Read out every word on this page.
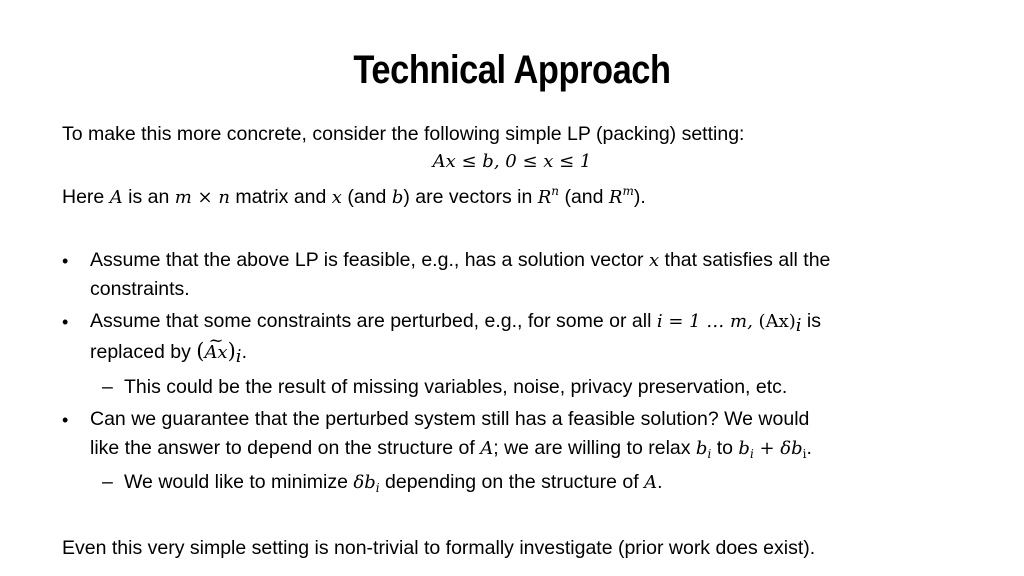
Technical Approach
To make this more concrete, consider the following simple LP (packing) setting:
Ax ≤ b, 0 ≤ x ≤ 1
Here A is an m × n matrix and x (and b) are vectors in $R^n$ (and $R^m$).
• Assume that the above LP is feasible, e.g., has a solution vector x that satisfies all the
constraints.
• Assume that some constraints are perturbed, e.g., for some or all i = 1 … m, $(Ax)_i$ is
replaced by (~ $Ax)_i$.
– This could be the result of missing variables, noise, privacy preservation, etc.
• Can we guarantee that the perturbed system still has a feasible solution? We would
like the answer to depend on the structure of A; we are willing to relax $b_i$ to $b_i + \delta b_i$.
– We would like to minimize $\delta b_i$ depending on the structure of A.
Even this very simple setting is non-trivial to formally investigate (prior work does exist).
